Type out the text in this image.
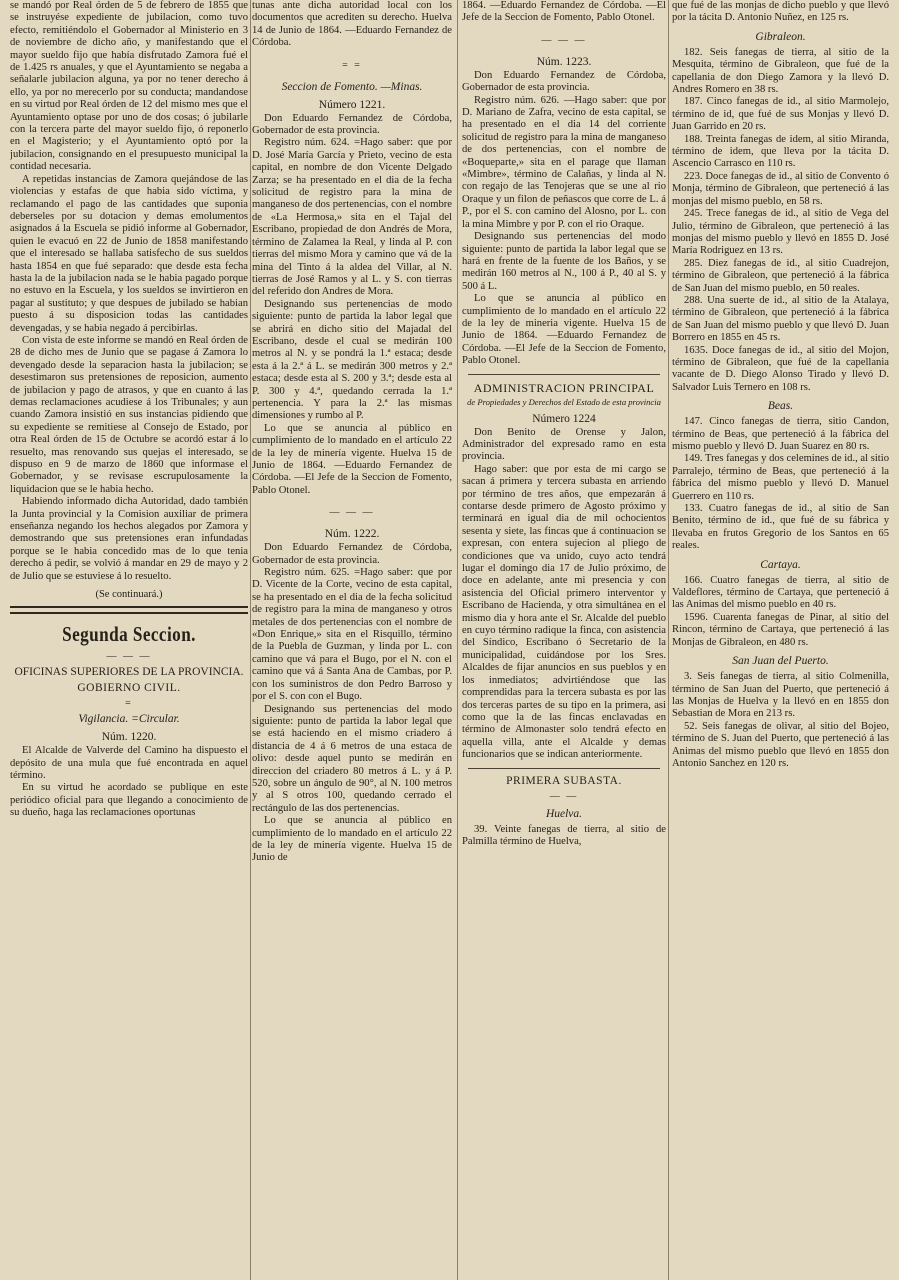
se mandó por Real órden de 5 de febrero de 1855 que se instruyése expediente de jubilacion, como tuvo efecto, remitiéndolo el Gobernador al Ministerio en 3 de noviembre de dicho año, y manifestando que el mayor sueldo fijo que había disfrutado Zamora fué el de 1.425 rs anuales, y que el Ayuntamiento se negaba a señalarle jubilacion alguna, ya por no tener derecho á ello, ya por no merecerlo por su conducta; mandandose en su virtud por Real órden de 12 del mismo mes que el Ayuntamiento optase por uno de dos cosas; ó jubilarle con la tercera parte del mayor sueldo fijo, ó reponerlo en el Magisterio; y el Ayuntamiento optó por la jubilacion, consignando en el presupuesto municipal la contidad necesaria.

A repetidas instancias de Zamora quejándose de las violencias y estafas de que habia sido víctima, y reclamando el pago de las cantidades que suponia deberseles por su dotacion y demas emolumentos asignados á la Escuela se pidió informe al Gobernador, quien le evacuó en 22 de Junio de 1858 manifestando que el interesado se hallaba satisfecho de sus sueldos hasta 1854 en que fué separado: que desde esta fecha hasta la de la jubilacion nada se le habia pagado porque no estuvo en la Escuela, y los sueldos se invirtieron en pagar al sustituto; y que despues de jubilado se habian puesto á su disposicion todas las cantidades devengadas, y se habia negado á percibirlas.

Con vista de este informe se mandó en Real órden de 28 de dicho mes de Junio que se pagase á Zamora lo devengado desde la separacion hasta la jubilacion; se desestimaron sus pretensiones de reposicion, aumento de jubilacion y pago de atrasos, y que en cuanto á las demas reclamaciones acudiese á los Tribunales; y aun cuando Zamora insistió en sus instancias pidiendo que su expediente se remitiese al Consejo de Estado, por otra Real órden de 15 de Octubre se acordó estar á lo resuelto, mas renovando sus quejas el interesado, se dispuso en 9 de marzo de 1860 que informase el Gobernador, y se revisase escrupulosamente la liquidacion que se le habia hecho.

Habiendo informado dicha Autoridad, dado también la Junta provincial y la Comision auxiliar de primera enseñanza negando los hechos alegados por Zamora y demostrando que sus pretensiones eran infundadas porque se le habia concedido mas de lo que tenia derecho á pedir, se volvió á mandar en 29 de mayo y 2 de Julio que se estuviese á lo resuelto.

(Se continuará.)
Segunda Seccion.
— — —
OFICINAS SUPERIORES DE LA PROVINCIA.
GOBIERNO CIVIL.
=
Vigilancia. =Circular.
Núm. 1220.

El Alcalde de Valverde del Camino ha dispuesto el depósito de una mula que fué encontrada en aquel término.

En su virtud he acordado se publique en este periódico oficial para que llegando a conocimiento de su dueño, haga las reclamaciones oportunas

tunas ante dicha autoridad local con los documentos que acrediten su derecho. Huelva 14 de Junio de 1864. —Eduardo Fernandez de Córdoba.

= =
Seccion de Fomento. —Minas.
Número 1221.

Don Eduardo Fernandez de Córdoba, Gobernador de esta provincia.

Registro núm. 624. =Hago saber: que por D. José María García y Prieto, vecino de esta capital, en nombre de don Vicente Delgado Zarza; se ha presentado en el dia de la fecha solicitud de registro para la mina de manganeso de dos pertenencias, con el nombre de «La Hermosa,» sita en el Tajal del Escribano, propiedad de don Andrés de Mora, término de Zalamea la Real, y linda al P. con tierras del mismo Mora y camino que vá de la mina del Tinto á la aldea del Villar, al N. tierras de José Ramos y al L. y S. con tierras del referido don Andres de Mora.

Designando sus pertenencias de modo siguiente: punto de partida la labor legal que se abrirá en dicho sitio del Majadal del Escribano, desde el cual se medirán 100 metros al N. y se pondrá la 1.ª estaca; desde esta á la 2.ª á L. se medirán 300 metros y 2.ª estaca; desde esta al S. 200 y 3.ª; desde esta al P. 300 y 4.ª, quedando cerrada la 1.ª pertenencia. Y para la 2.ª las mismas dimensiones y rumbo al P.

Lo que se anuncia al público en cumplimiento de lo mandado en el artículo 22 de la ley de minería vigente. Huelva 15 de Junio de 1864. —Eduardo Fernandez de Córdoba. —El Jefe de la Seccion de Fomento, Pablo Otonel.

— — —
Núm. 1222.

Don Eduardo Fernandez de Córdoba, Gobernador de esta provincia.

Registro núm. 625. =Hago saber: que por D. Vicente de la Corte, vecino de esta capital, se ha presentado en el dia de la fecha solicitud de registro para la mina de manganeso y otros metales de dos pertenencias con el nombre de «Don Enrique,» sita en el Risquillo, término de la Puebla de Guzman, y linda por L. con camino que vá para el Bugo, por el N. con el camino que vá á Santa Ana de Cambas, por P. con los suministros de don Pedro Barroso y por el S. con con el Bugo.

Designando sus pertenencias del modo siguiente: punto de partida la labor legal que se está haciendo en el mismo criadero á distancia de 4 á 6 metros de una estaca de olivo: desde aquel punto se medirán en direccion del criadero 80 metros á L. y á P. 520, sobre un ángulo de 90°, al N. 100 metros y al S otros 100, quedando cerrado el rectángulo de las dos pertenencias.

Lo que se anuncia al público en cumplimiento de lo mandado en el artículo 22 de la ley de minería vigente. Huelva 15 de Junio de

1864. —Eduardo Fernandez de Córdoba. —El Jefe de la Seccion de Fomento, Pablo Otonel.

— — —
Núm. 1223.

Don Eduardo Fernandez de Córdoba, Gobernador de esta provincia.

Registro núm. 626. —Hago saber: que por D. Mariano de Zafra, vecino de esta capital, se ha presentado en el dia 14 del corriente solicitud de registro para la mina de manganeso de dos pertenencias, con el nombre de «Boqueparte,» sita en el parage que llaman «Mimbre», término de Calañas, y linda al N. con regajo de las Tenojeras que se une al rio Oraque y un filon de peñascos que corre de L. á P., por el S. con camino del Alosno, por L. con la mina Mimbre y por P. con el rio Oraque.

Designando sus pertenencias del modo siguiente: punto de partida la labor legal que se hará en frente de la fuente de los Baños, y se medirán 160 metros al N., 100 á P., 40 al S. y 500 á L.

Lo que se anuncia al público en cumplimiento de lo mandado en el artículo 22 de la ley de mineria vigente. Huelva 15 de Junio de 1864. —Eduardo Fernandez de Córdoba. —El Jefe de la Seccion de Fomento, Pablo Otonel.

ADMINISTRACION PRINCIPAL
de Propiedades y Derechos del Estado de esta provincia
Número 1224

Don Benito de Orense y Jalon, Administrador del expresado ramo en esta provincia.

Hago saber: que por esta de mi cargo se sacan á primera y tercera subasta en arriendo por término de tres años, que empezarán á contarse desde primero de Agosto próximo y terminará en igual dia de mil ochocientos sesenta y siete, las fincas que á continuacion se expresan, con entera sujecion al pliego de condiciones que va unido, cuyo acto tendrá lugar el domingo dia 17 de Julio próximo, de doce en adelante, ante mi presencia y con asistencia del Oficial primero interventor y Escribano de Hacienda, y otra simultánea en el mismo dia y hora ante el Sr. Alcalde del pueblo en cuyo término radique la finca, con asistencia del Síndico, Escribano ó Secretario de la municipalidad, cuidándose por los Sres. Alcaldes de fijar anuncios en sus pueblos y en los inmediatos; advirtiéndose que las comprendidas para la tercera subasta es por las dos terceras partes de su tipo en la primera, asi como que la de las fincas enclavadas en término de Almonaster solo tendrá efecto en aquella villa, ante el Alcalde y demas funcionarios que se indican anteriormente.

PRIMERA SUBASTA.
— —
Huelva.

39. Veinte fanegas de tierra, al sitio de Palmilla término de Huelva,

que fué de las monjas de dicho pueblo y que llevó por la tácita D. Antonio Nuñez, en 125 rs.

Gibraleon.

182. Seis fanegas de tierra, al sitio de la Mesquita, término de Gibraleon, que fué de la capellania de don Diego Zamora y la llevó D. Andres Romero en 38 rs.

187. Cinco fanegas de id., al sitio Marmolejo, término de id, que fué de sus Monjas y llevó D. Juan Garrido en 20 rs.

188. Treinta fanegas de idem, al sitio Miranda, término de idem, que lleva por la tácita D. Ascencio Carrasco en 110 rs.

223. Doce fanegas de id., al sitio de Convento ó Monja, término de Gibraleon, que perteneció á las monjas del mismo pueblo, en 58 rs.

245. Trece fanegas de id., al sitio de Vega del Julio, término de Gibraleon, que perteneció á las monjas del mismo pueblo y llevó en 1855 D. José María Rodriguez en 13 rs.

285. Diez fanegas de id., al sitio Cuadrejon, término de Gibraleon, que perteneció á la fábrica de San Juan del mismo pueblo, en 50 reales.

288. Una suerte de id., al sitio de la Atalaya, término de Gibraleon, que perteneció á la fábrica de San Juan del mismo pueblo y que llevó D. Juan Borrero en 1855 en 45 rs.

1635. Doce fanegas de id., al sitio del Mojon, término de Gibraleon, que fué de la capellania vacante de D. Diego Alonso Tirado y llevó D. Salvador Luis Ternero en 108 rs.

Beas.

147. Cinco fanegas de tierra, sitio Candon, término de Beas, que perteneció á la fábrica del mismo pueblo y llevó D. Juan Suarez en 80 rs.

149. Tres fanegas y dos celemines de id., al sitio Parralejo, término de Beas, que perteneció á la fábrica del mismo pueblo y llevó D. Manuel Guerrero en 110 rs.

133. Cuatro fanegas de id., al sitio de San Benito, término de id., que fué de su fábrica y llevaba en frutos Gregorio de los Santos en 65 reales.

Cartaya.

166. Cuatro fanegas de tierra, al sitio de Valdeflores, término de Cartaya, que perteneció á las Animas del mismo pueblo en 40 rs.

1596. Cuarenta fanegas de Pinar, al sitio del Rincon, término de Cartaya, que perteneció á las Monjas de Gibraleon, en 480 rs.

San Juan del Puerto.

3. Seis fanegas de tierra, al sitio Colmenilla, término de San Juan del Puerto, que perteneció á las Monjas de Huelva y la llevó en en 1855 don Sebastian de Mora en 213 rs.

52. Seis fanegas de olivar, al sitio del Bojeo, término de S. Juan del Puerto, que perteneció á las Animas del mismo pueblo que llevó en 1855 don Antonio Sanchez en 120 rs.
